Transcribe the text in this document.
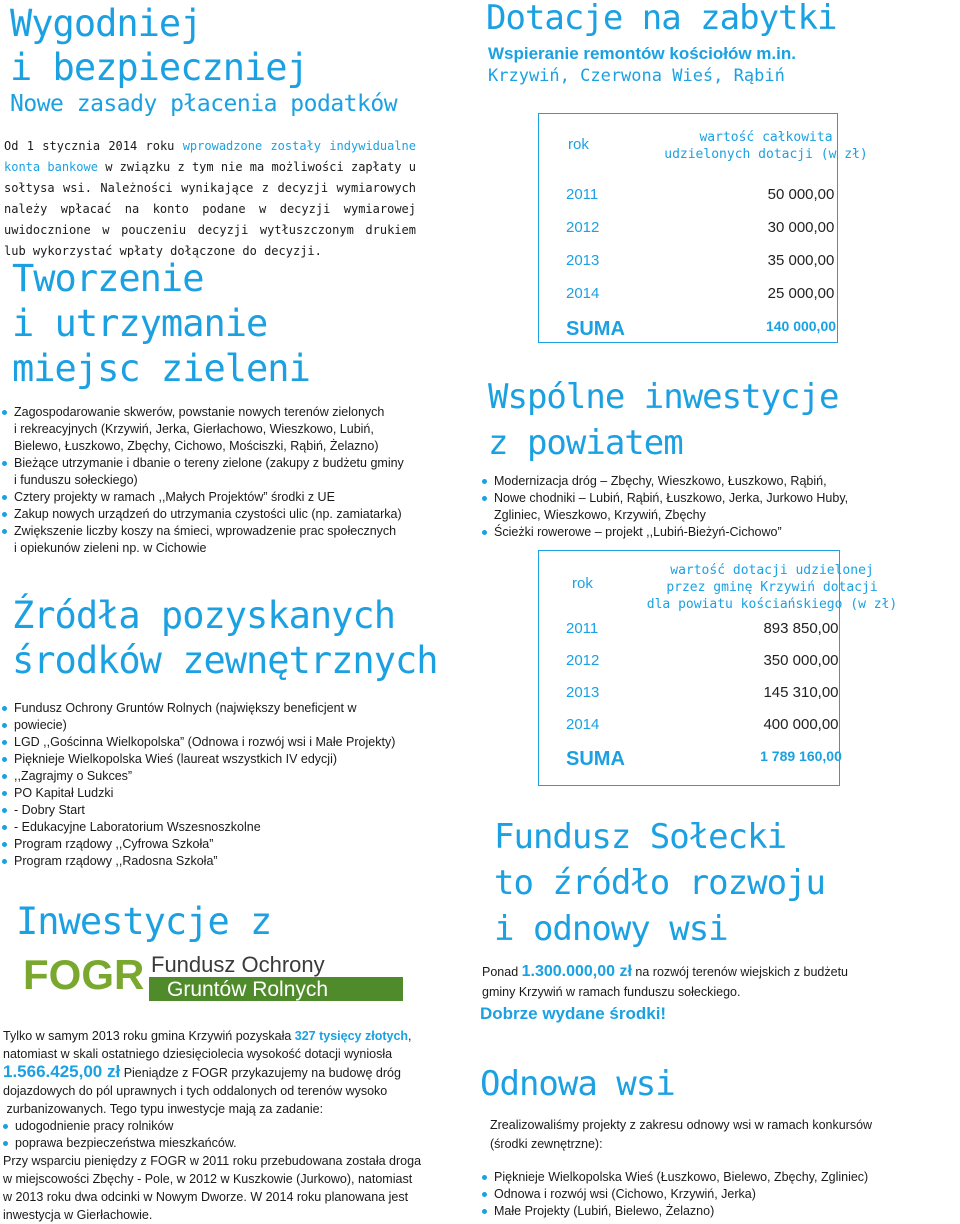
Wygodniej
i bezpieczniej
Nowe zasady płacenia podatków
Od 1 stycznia 2014 roku wprowadzone zostały indywidualne konta bankowe w związku z tym nie ma możliwości zapłaty u sołtysa wsi. Należności wynikające z decyzji wymiarowych należy wpłacać na konto podane w decyzji wymiarowej uwidocznione w pouczeniu decyzji wytłuszczonym drukiem lub wykorzystać wpłaty dołączone do decyzji.
Tworzenie
i utrzymanie
miejsc zieleni
Zagospodarowanie skwerów, powstanie nowych terenów zielonych
i rekreacyjnych (Krzywiń, Jerka, Gierłachowo, Wieszkowo, Lubiń,
Bielewo, Łuszkowo, Zbęchy, Cichowo, Mościszki, Rąbiń, Żelazno)
Bieżące utrzymanie i dbanie o tereny zielone (zakupy z budżetu gminy
i funduszu sołeckiego)
Cztery projekty w ramach ,,Małych Projektów” środki z UE
Zakup nowych urządzeń do utrzymania czystości ulic (np. zamiatarka)
Zwiększenie liczby koszy na śmieci, wprowadzenie prac społecznych
i opiekunów zieleni np. w Cichowie
Źródła pozyskanych
środków zewnętrznych
Fundusz Ochrony Gruntów Rolnych (największy beneficjent w
powiecie)
LGD ,,Gościnna Wielkopolska” (Odnowa i rozwój wsi i Małe Projekty)
Pięknieje Wielkopolska Wieś (laureat wszystkich IV edycji)
,,Zagrajmy o Sukces”
PO Kapitał Ludzki
- Dobry Start
- Edukacyjne Laboratorium Wszesnoszkolne
Program rządowy ,,Cyfrowa Szkoła”
Program rządowy ,,Radosna Szkoła”
Inwestycje z
FOGR Fundusz Ochrony
Gruntów Rolnych
Tylko w samym 2013 roku gmina Krzywiń pozyskała 327 tysięcy złotych,
natomiast w skali ostatniego dziesięciolecia wysokość dotacji wyniosła
1.566.425,00 zł Pieniądze z FOGR przykazujemy na budowę dróg
dojazdowych do pól uprawnych i tych oddalonych od terenów wysoko
zurbanizowanych. Tego typu inwestycje mają za zadanie:
udogodnienie pracy rolników
poprawa bezpieczeństwa mieszkańców.
Przy wsparciu pieniędzy z FOGR w 2011 roku przebudowana została droga
w miejscowości Zbęchy - Pole, w 2012 w Kuszkowie (Jurkowo), natomiast
w 2013 roku dwa odcinki w Nowym Dworze. W 2014 roku planowana jest
inwestycja w Gierłachowie.
Dotacje na zabytki
Wspieranie remontów kościołów m.in.
Krzywiń, Czerwona Wieś, Rąbiń
rok	wartość całkowita
udzielonych dotacji (w zł)
2011	50 000,00
2012	30 000,00
2013	35 000,00
2014	25 000,00
SUMA	140 000,00
Wspólne inwestycje
z powiatem
Modernizacja dróg – Zbęchy, Wieszkowo, Łuszkowo, Rąbiń,
Nowe chodniki – Lubiń, Rąbiń, Łuszkowo, Jerka, Jurkowo Huby,
Zgliniec, Wieszkowo, Krzywiń, Zbęchy
Ścieżki rowerowe – projekt ,,Lubiń-Bieżyń-Cichowo”
rok
wartość dotacji udzielonej
przez gminę Krzywiń dotacji
dla powiatu kościańskiego (w zł)
2011	893 850,00
2012	350 000,00
2013	145 310,00
2014	400 000,00
SUMA	1 789 160,00
Fundusz Sołecki
to źródło rozwoju
i odnowy wsi
Ponad 1.300.000,00 zł na rozwój terenów wiejskich z budżetu
gminy Krzywiń w ramach funduszu sołeckiego.
Dobrze wydane środki!
Odnowa wsi
Zrealizowaliśmy projekty z zakresu odnowy wsi w ramach konkursów
(środki zewnętrzne):
Pięknieje Wielkopolska Wieś (Łuszkowo, Bielewo, Zbęchy, Zgliniec)
Odnowa i rozwój wsi (Cichowo, Krzywiń, Jerka)
Małe Projekty (Lubiń, Bielewo, Żelazno)
